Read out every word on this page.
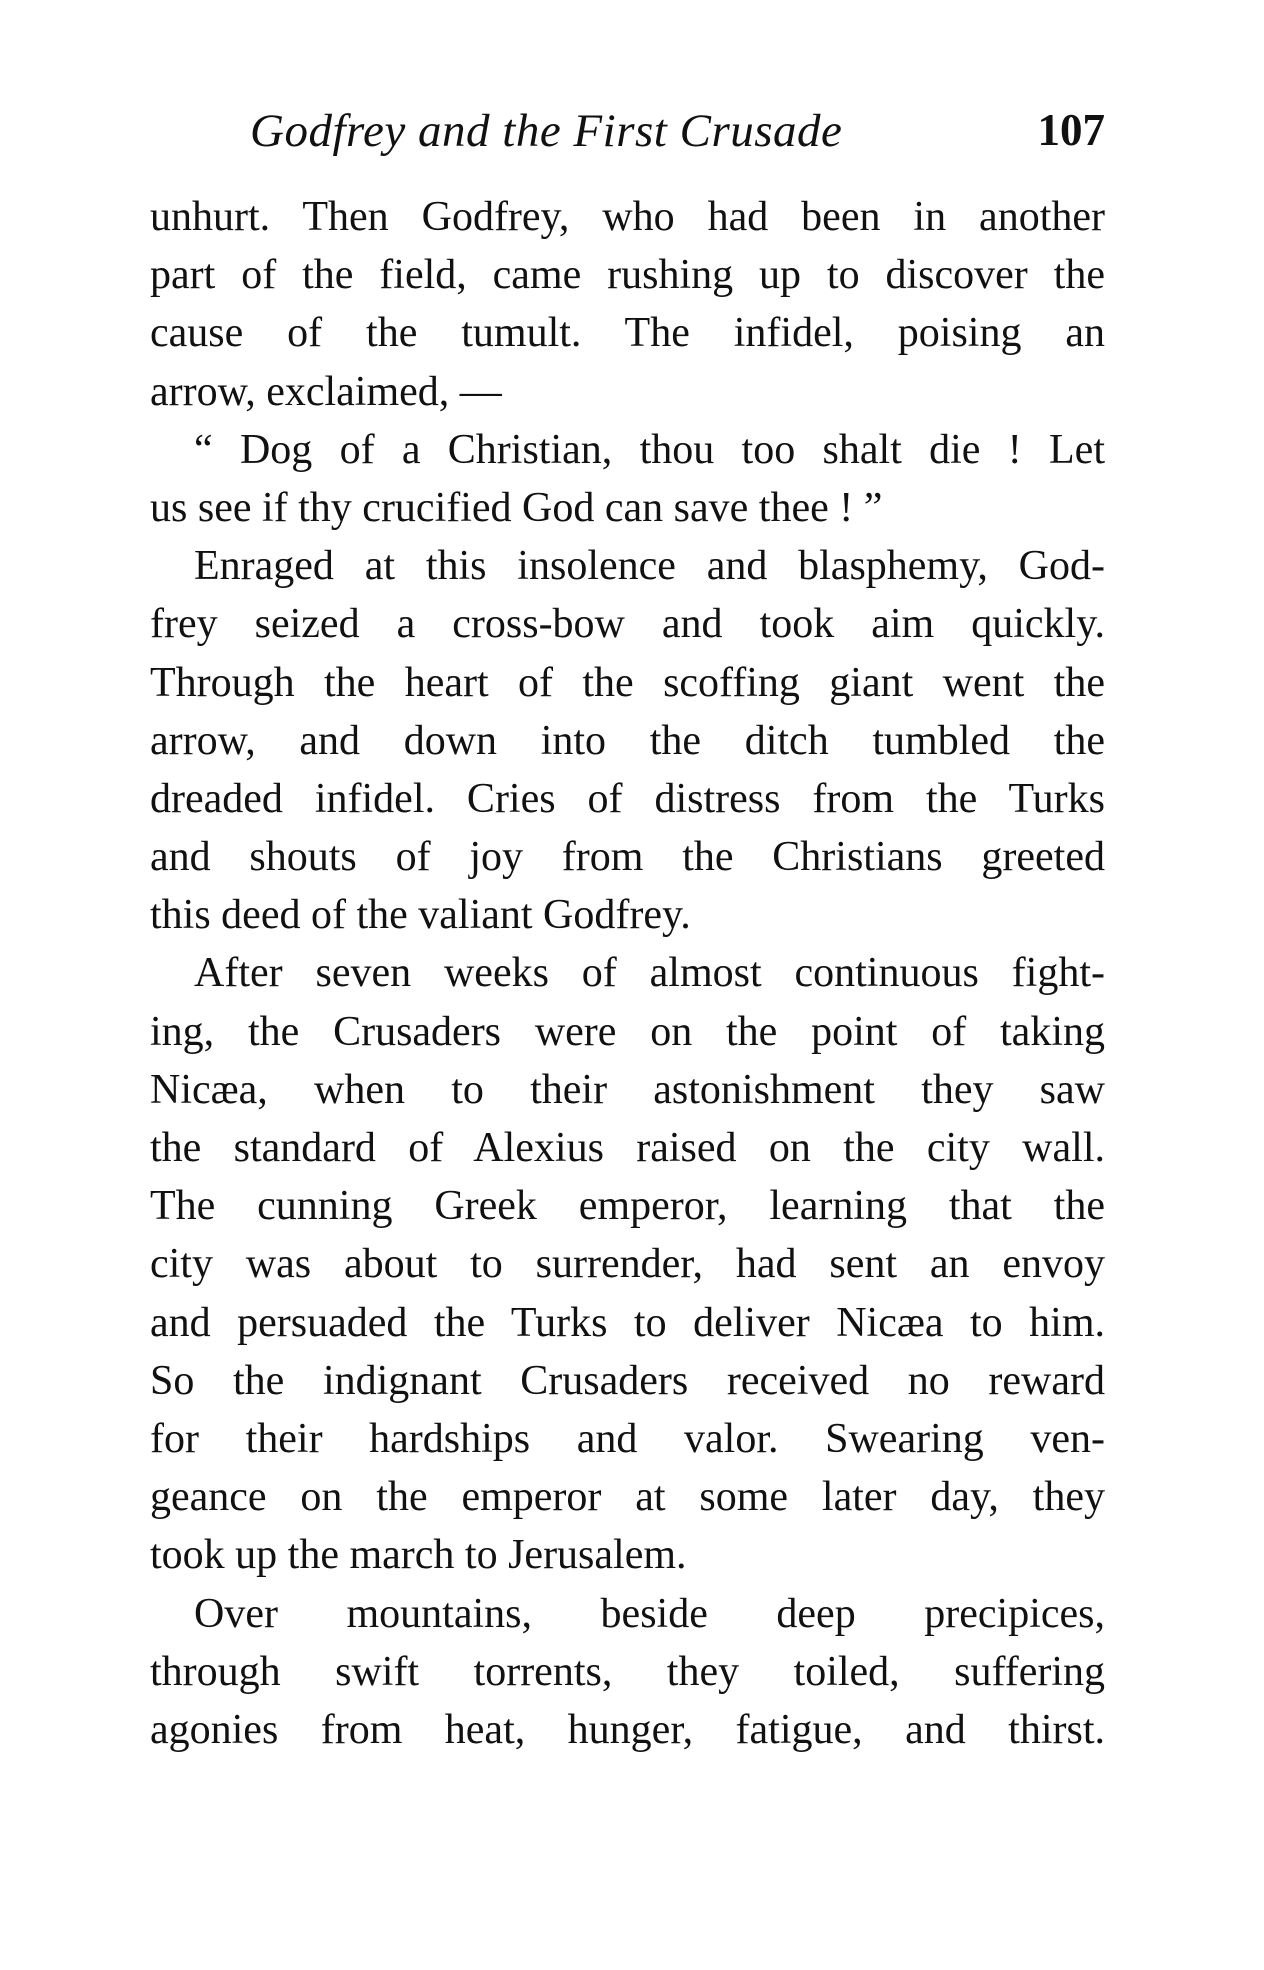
Godfrey and the First Crusade	107
unhurt. Then Godfrey, who had been in another
part of the field, came rushing up to discover the
cause of the tumult. The infidel, poising an
arrow, exclaimed, —
“ Dog of a Christian, thou too shalt die ! Let
us see if thy crucified God can save thee ! ”
Enraged at this insolence and blasphemy, God-
frey seized a cross-bow and took aim quickly.
Through the heart of the scoffing giant went the
arrow, and down into the ditch tumbled the
dreaded infidel. Cries of distress from the Turks
and shouts of joy from the Christians greeted
this deed of the valiant Godfrey.
After seven weeks of almost continuous fight-
ing, the Crusaders were on the point of taking
Nicæa, when to their astonishment they saw
the standard of Alexius raised on the city wall.
The cunning Greek emperor, learning that the
city was about to surrender, had sent an envoy
and persuaded the Turks to deliver Nicæa to him.
So the indignant Crusaders received no reward
for their hardships and valor. Swearing ven-
geance on the emperor at some later day, they
took up the march to Jerusalem.
Over mountains, beside deep precipices,
through swift torrents, they toiled, suffering
agonies from heat, hunger, fatigue, and thirst.
